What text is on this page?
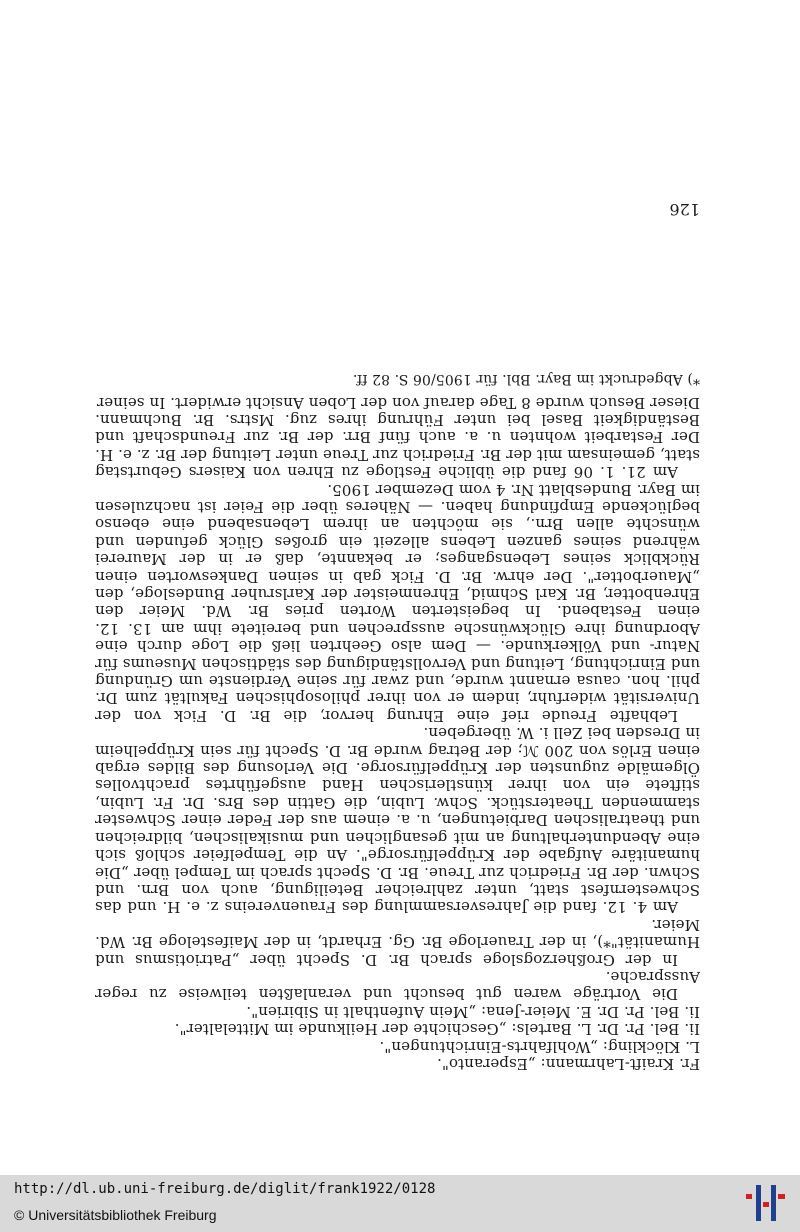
Fr. Kraift-Lahrmann: „Esperanto".

L. Klöckling: „Wohlfahrts-Einrichtungen".

Ii. Bel. Pr. Dr. L. Bartels: „Geschichte der Heilkunde im Mittelalter".

Ii. Bel. Pr. Dr. E. Meier-Jena: „Mein Aufenthalt in Sibirien".

Die Vorträge waren gut besucht und veranlaßten teilweise zu reger Aussprache.

In der Großherzogsloge sprach Br. D. Specht über „Patriotismus und Humanität"*), in der Trauerloge Br. Gg. Erhardt, in der Maifesteloge Br. Wd. Meier.

Am 4. 12. fand die Jahresversammlung des Frauenvereins z. e. H. und das Schwesternfest statt, unter zahlreicher Beteiligung, auch von Brn. und Schwn. der Br. Friedrich zur Treue. Br. D. Specht sprach im Tempel über „Die humanitäre Aufgabe der Krüppelfürsorge". An die Tempelfeier schloß sich eine Abendunterhaltung an mit gesanglichen und musikalischen, bildreichen und theatralischen Darbietungen, u. a. einem aus der Feder einer Schwester stammenden Theaterstück. Schw. Lubin, die Gattin des Brs. Dr. Fr. Lubin, stiftete ein von ihrer künstlerischen Hand ausgeführtes prachtvolles Ölgemälde zugunsten der Krüppelfürsorge. Die Verlosung des Bildes ergab einen Erlös von 200 ℳ; der Betrag wurde Br. D. Specht für sein Krüppelheim in Dresden bei Zell i. W. übergeben.

Lebhafte Freude rief eine Ehrung hervor, die Br. D. Fick von der Universität widerfuhr, indem er von ihrer philosophischen Fakultät zum Dr. phil. hon. causa ernannt wurde, und zwar für seine Verdienste um Gründung und Einrichtung, Leitung und Vervollständigung des städtischen Museums für Natur- und Völkerkunde. — Dem also Geehrten ließ die Loge durch eine Abordnung ihre Glückwünsche aussprechen und bereitete ihm am 13. 12. einen Festabend. In begeisterten Worten pries Br. Wd. Meier den Ehrenbotter, Br. Karl Schmid, Ehrenmeister der Karlsruher Bundesloge, den „Mauerbotter". Der ehrw. Br. D. Fick gab in seinen Dankesworten einen Rückblick seines Lebensganges; er bekannte, daß er in der Maurerei während seines ganzen Lebens allezeit ein großes Glück gefunden und wünschte allen Brn., sie möchten an ihrem Lebensabend eine ebenso beglückende Empfindung haben. — Näheres über die Feier ist nachzulesen im Bayr. Bundesblatt Nr. 4 vom Dezember 1905.

Am 21. 1. 06 fand die übliche Festloge zu Ehren von Kaisers Geburtstag statt, gemeinsam mit der Br. Friedrich zur Treue unter Leitung der Br. z. e. H. Der Festarbeit wohnten u. a. auch fünf Brr. der Br. zur Freundschaft und Beständigkeit Basel bei unter Führung ihres zug. Mstrs. Br. Buchmann. Dieser Besuch wurde 8 Tage darauf von der Loben Ansicht erwidert. In seiner

*) Abgedruckt im Bayr. Bbl. für 1905/06 S. 82 ff.

126
http://dl.ub.uni-freiburg.de/diglit/frank1922/0128
© Universitätsbibliothek Freiburg
